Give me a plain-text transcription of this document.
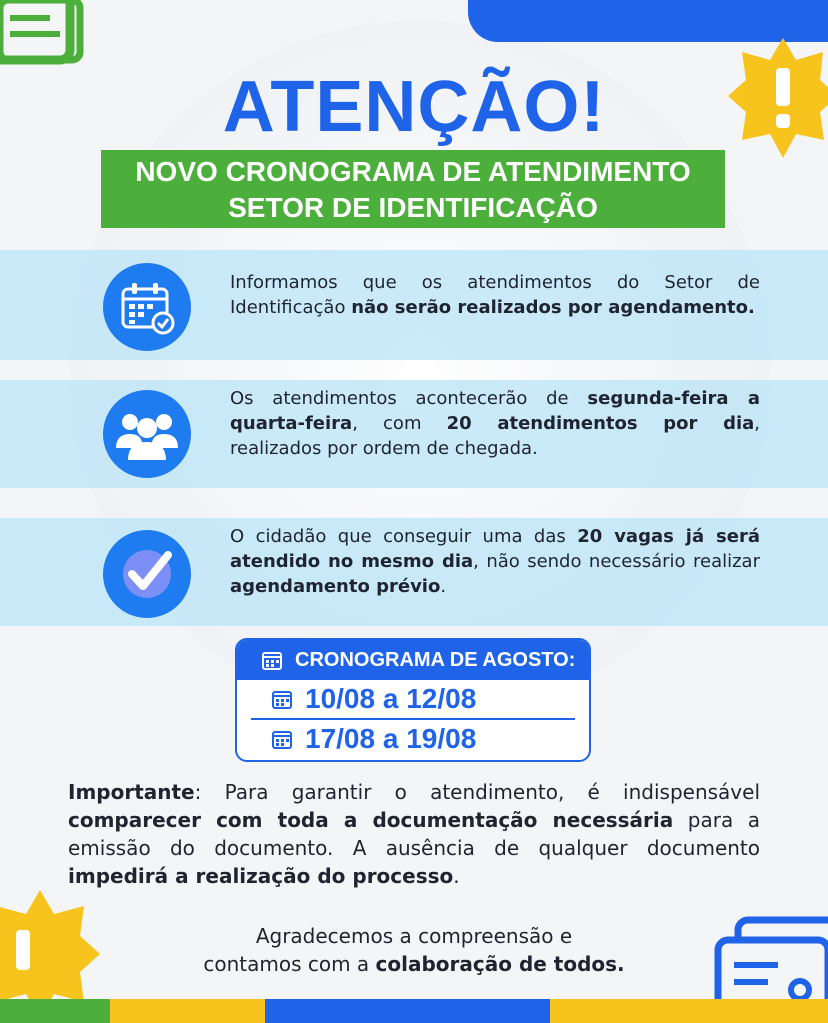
ATENÇÃO!
NOVO CRONOGRAMA DE ATENDIMENTO
SETOR DE IDENTIFICAÇÃO
Informamos que os atendimentos do Setor de Identificação não serão realizados por agendamento.
Os atendimentos acontecerão de segunda-feira a quarta-feira, com 20 atendimentos por dia, realizados por ordem de chegada.
O cidadão que conseguir uma das 20 vagas já será atendido no mesmo dia, não sendo necessário realizar agendamento prévio.
CRONOGRAMA DE AGOSTO:
10/08 a 12/08
17/08 a 19/08
Importante: Para garantir o atendimento, é indispensável comparecer com toda a documentação necessária para a emissão do documento. A ausência de qualquer documento impedirá a realização do processo.
Agradecemos a compreensão e
contamos com a colaboração de todos.
